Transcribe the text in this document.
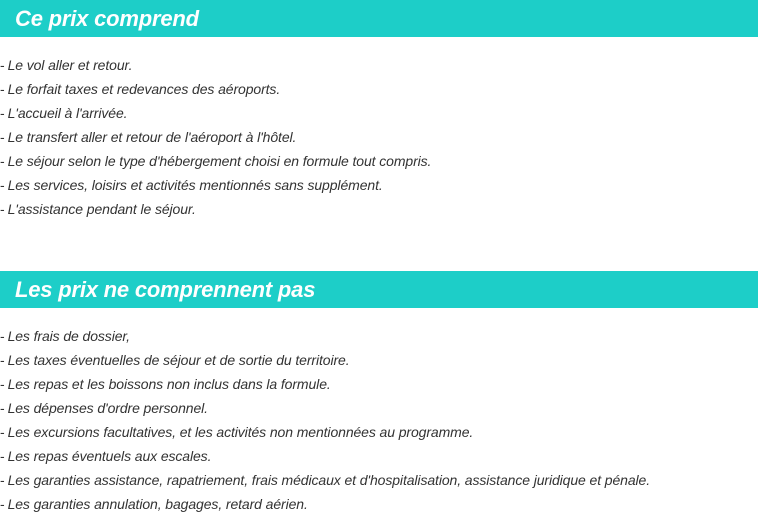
Ce prix comprend
- Le vol aller et retour.
- Le forfait taxes et redevances des aéroports.
- L'accueil à l'arrivée.
- Le transfert aller et retour de l'aéroport à l'hôtel.
- Le séjour selon le type d'hébergement choisi en formule tout compris.
- Les services, loisirs et activités mentionnés sans supplément.
- L'assistance pendant le séjour.
Les prix ne comprennent pas
- Les frais de dossier,
- Les taxes éventuelles de séjour et de sortie du territoire.
- Les repas et les boissons non inclus dans la formule.
- Les dépenses d'ordre personnel.
- Les excursions facultatives, et les activités non mentionnées au programme.
- Les repas éventuels aux escales.
- Les garanties assistance, rapatriement, frais médicaux et d'hospitalisation, assistance juridique et pénale.
- Les garanties annulation, bagages, retard aérien.
